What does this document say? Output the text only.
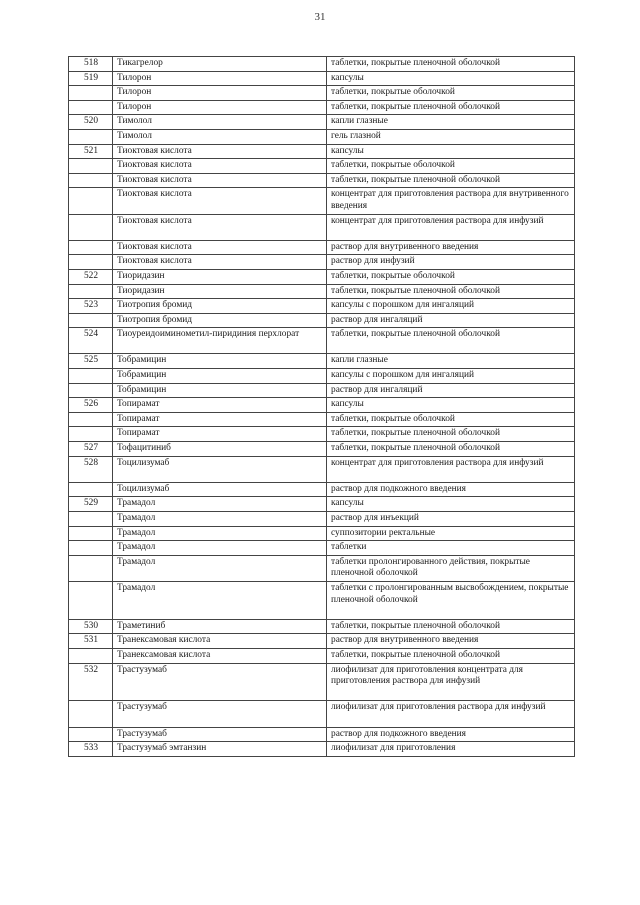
31
518	Тикагрелор	таблетки, покрытые пленочной оболочкой
519	Тилорон	капсулы
	Тилорон	таблетки, покрытые оболочкой
	Тилорон	таблетки, покрытые пленочной оболочкой
520	Тимолол	капли глазные
	Тимолол	гель глазной
521	Тиоктовая кислота	капсулы
	Тиоктовая кислота	таблетки, покрытые оболочкой
	Тиоктовая кислота	таблетки, покрытые пленочной оболочкой
	Тиоктовая кислота	концентрат для приготовления раствора для внутривенного введения
	Тиоктовая кислота	концентрат для приготовления раствора для инфузий
	Тиоктовая кислота	раствор для внутривенного введения
	Тиоктовая кислота	раствор для инфузий
522	Тиоридазин	таблетки, покрытые оболочкой
	Тиоридазин	таблетки, покрытые пленочной оболочкой
523	Тиотропия бромид	капсулы с порошком для ингаляций
	Тиотропия бромид	раствор для ингаляций
524	Тиоуреидоиминометил-пиридиния перхлорат	таблетки, покрытые пленочной оболочкой
525	Тобрамицин	капли глазные
	Тобрамицин	капсулы с порошком для ингаляций
	Тобрамицин	раствор для ингаляций
526	Топирамат	капсулы
	Топирамат	таблетки, покрытые оболочкой
	Топирамат	таблетки, покрытые пленочной оболочкой
527	Тофацитиниб	таблетки, покрытые пленочной оболочкой
528	Тоцилизумаб	концентрат для приготовления раствора для инфузий
	Тоцилизумаб	раствор для подкожного введения
529	Трамадол	капсулы
	Трамадол	раствор для инъекций
	Трамадол	суппозитории ректальные
	Трамадол	таблетки
	Трамадол	таблетки пролонгированного действия, покрытые пленочной оболочкой
	Трамадол	таблетки с пролонгированным высвобождением, покрытые пленочной оболочкой
530	Траметиниб	таблетки, покрытые пленочной оболочкой
531	Транексамовая кислота	раствор для внутривенного введения
	Транексамовая кислота	таблетки, покрытые пленочной оболочкой
532	Трастузумаб	лиофилизат для приготовления концентрата для приготовления раствора для инфузий
	Трастузумаб	лиофилизат для приготовления раствора для инфузий
	Трастузумаб	раствор для подкожного введения
533	Трастузумаб эмтанзин	лиофилизат для приготовления
